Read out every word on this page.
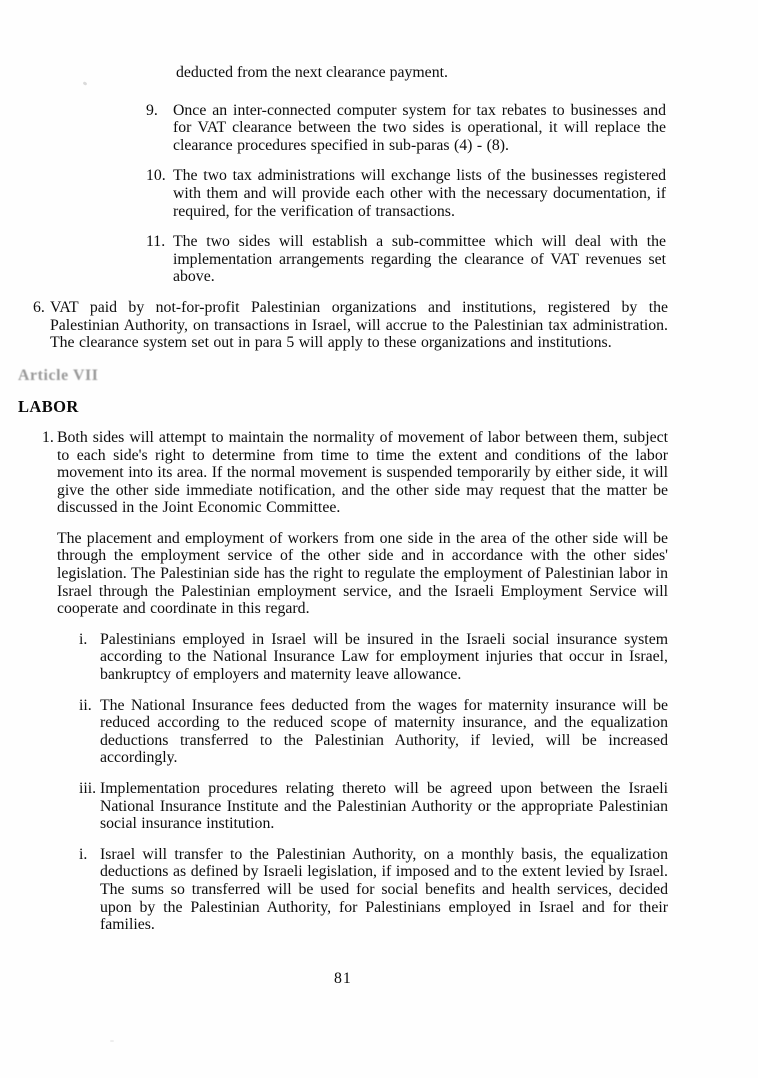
deducted from the next clearance payment.
9. Once an inter-connected computer system for tax rebates to businesses and for VAT clearance between the two sides is operational, it will replace the clearance procedures specified in sub-paras (4) - (8).
10. The two tax administrations will exchange lists of the businesses registered with them and will provide each other with the necessary documentation, if required, for the verification of transactions.
11. The two sides will establish a sub-committee which will deal with the implementation arrangements regarding the clearance of VAT revenues set above.
6. VAT paid by not-for-profit Palestinian organizations and institutions, registered by the Palestinian Authority, on transactions in Israel, will accrue to the Palestinian tax administration. The clearance system set out in para 5 will apply to these organizations and institutions.
Article VII
LABOR
1. Both sides will attempt to maintain the normality of movement of labor between them, subject to each side's right to determine from time to time the extent and conditions of the labor movement into its area. If the normal movement is suspended temporarily by either side, it will give the other side immediate notification, and the other side may request that the matter be discussed in the Joint Economic Committee.
The placement and employment of workers from one side in the area of the other side will be through the employment service of the other side and in accordance with the other sides' legislation. The Palestinian side has the right to regulate the employment of Palestinian labor in Israel through the Palestinian employment service, and the Israeli Employment Service will cooperate and coordinate in this regard.
i. Palestinians employed in Israel will be insured in the Israeli social insurance system according to the National Insurance Law for employment injuries that occur in Israel, bankruptcy of employers and maternity leave allowance.
ii. The National Insurance fees deducted from the wages for maternity insurance will be reduced according to the reduced scope of maternity insurance, and the equalization deductions transferred to the Palestinian Authority, if levied, will be increased accordingly.
iii. Implementation procedures relating thereto will be agreed upon between the Israeli National Insurance Institute and the Palestinian Authority or the appropriate Palestinian social insurance institution.
i. Israel will transfer to the Palestinian Authority, on a monthly basis, the equalization deductions as defined by Israeli legislation, if imposed and to the extent levied by Israel. The sums so transferred will be used for social benefits and health services, decided upon by the Palestinian Authority, for Palestinians employed in Israel and for their families.
81
